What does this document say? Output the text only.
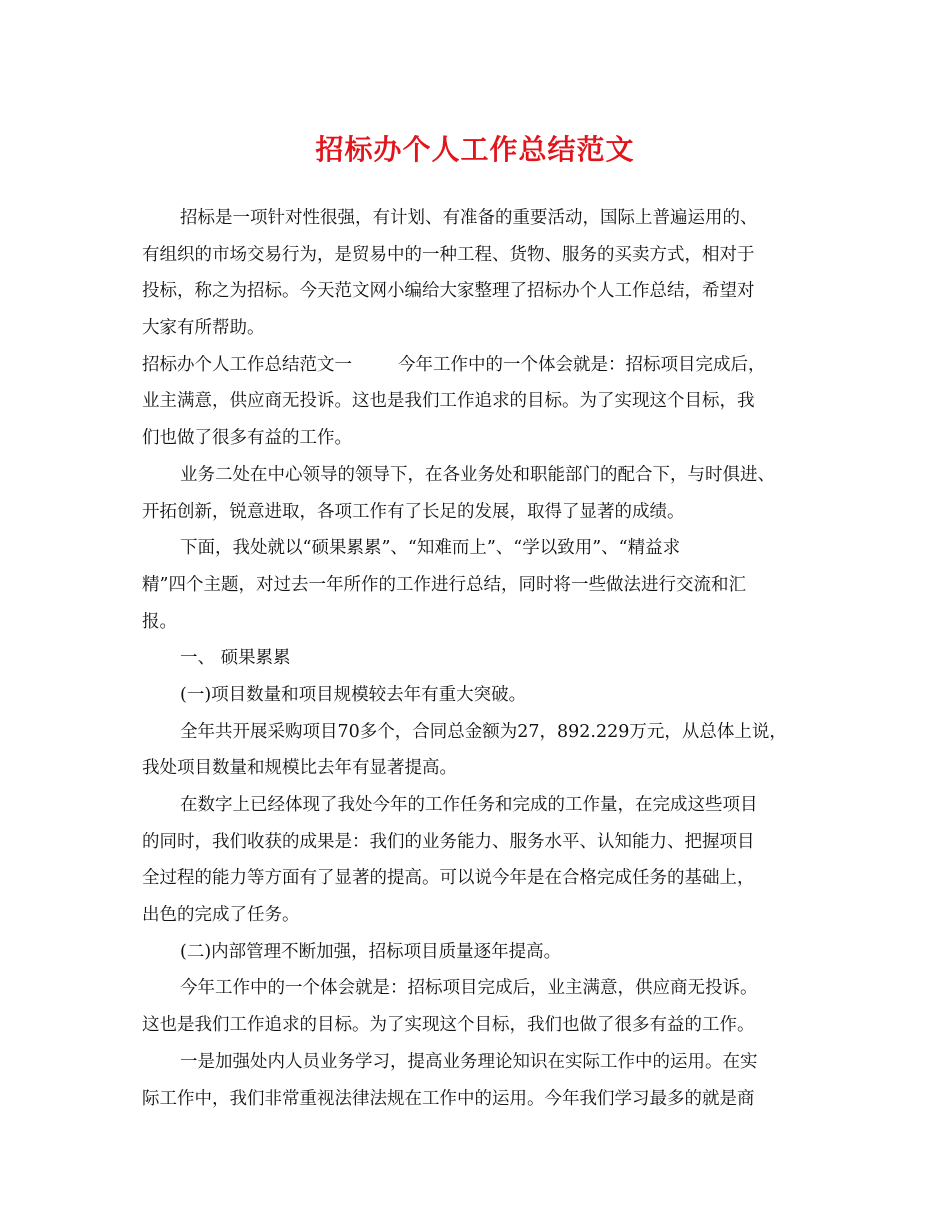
招标办个人工作总结范文
招标是一项针对性很强，有计划、有准备的重要活动，国际上普遍运用的、
有组织的市场交易行为，是贸易中的一种工程、货物、服务的买卖方式，相对于
投标，称之为招标。今天范文网小编给大家整理了招标办个人工作总结，希望对
大家有所帮助。
招标办个人工作总结范文一	今年工作中的一个体会就是：招标项目完成后，
业主满意，供应商无投诉。这也是我们工作追求的目标。为了实现这个目标，我
们也做了很多有益的工作。
业务二处在中心领导的领导下，在各业务处和职能部门的配合下，与时俱进、
开拓创新，锐意进取，各项工作有了长足的发展，取得了显著的成绩。
下面，我处就以“硕果累累”、“知难而上”、“学以致用”、“精益求
精”四个主题，对过去一年所作的工作进行总结，同时将一些做法进行交流和汇
报。
一、 硕果累累
(一)项目数量和项目规模较去年有重大突破。
全年共开展采购项目70多个，合同总金额为27，892.229万元，从总体上说，
我处项目数量和规模比去年有显著提高。
在数字上已经体现了我处今年的工作任务和完成的工作量，在完成这些项目
的同时，我们收获的成果是：我们的业务能力、服务水平、认知能力、把握项目
全过程的能力等方面有了显著的提高。可以说今年是在合格完成任务的基础上，
出色的完成了任务。
(二)内部管理不断加强，招标项目质量逐年提高。
今年工作中的一个体会就是：招标项目完成后，业主满意，供应商无投诉。
这也是我们工作追求的目标。为了实现这个目标，我们也做了很多有益的工作。
一是加强处内人员业务学习，提高业务理论知识在实际工作中的运用。在实
际工作中，我们非常重视法律法规在工作中的运用。今年我们学习最多的就是商
